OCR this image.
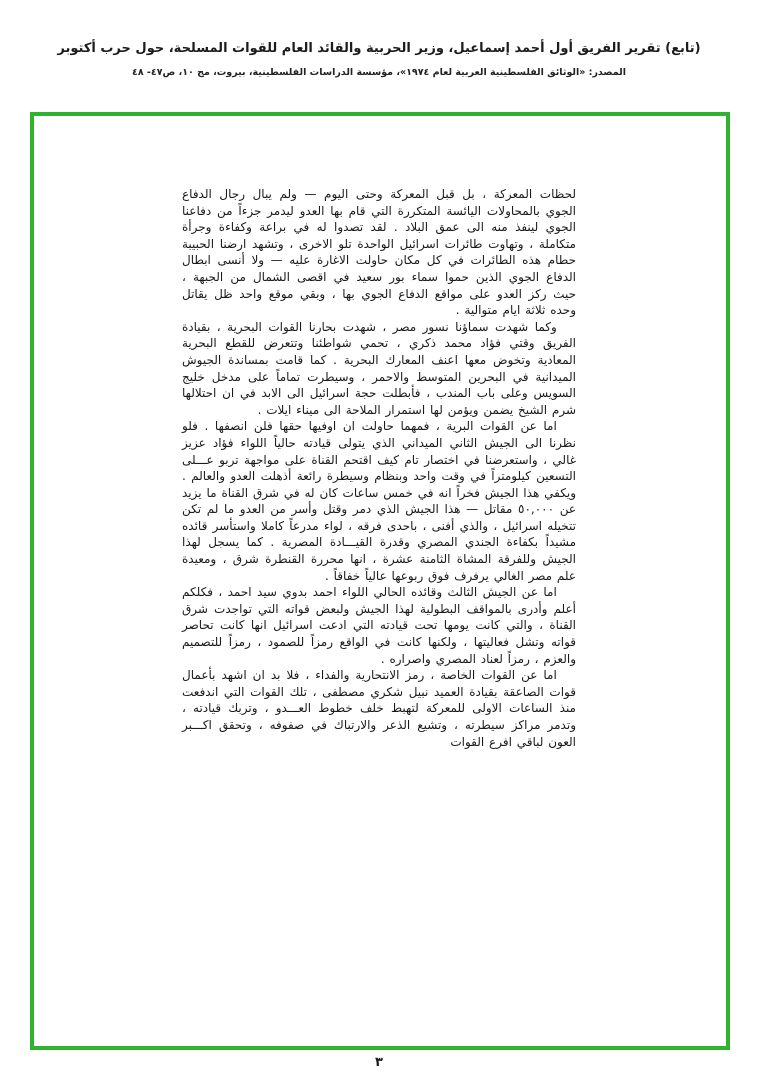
(تابع) تقرير الفريق أول أحمد إسماعيل، وزير الحربية والقائد العام للقوات المسلحة، حول حرب أكتوبر
المصدر: «الوثائق الفلسطينية العربية لعام ١٩٧٤»، مؤسسة الدراسات الفلسطينية، بيروت، مج ١٠، ص٤٧- ٤٨

لحظات المعركة ، بل قبل المعركة وحتى اليوم — ولم يبال رجال الدفاع الجوي بالمحاولات اليائسة المتكررة التي قام بها العدو ليدمر جزءاً من دفاعنا الجوي لينفذ منه الى عمق البلاد . لقد تصدوا له في براعة وكفاءة وجرأة متكاملة ، وتهاوت طائرات اسرائيل الواحدة تلو الاخرى ، وتشهد ارضنا الحبيبة حطام هذه الطائرات في كل مكان حاولت الاغارة عليه — ولا أنسى ابطال الدفاع الجوي الذين حموا سماء بور سعيد في اقصى الشمال من الجبهة ، حيث ركز العدو على مواقع الدفاع الجوي بها ، وبقي موقع واحد ظل يقاتل وحده ثلاثة ايام متوالية .

وكما شهدت سماؤنا نسور مصر ، شهدت بحارنا القوات البحرية ، بقيادة الفريق وقتي فؤاد محمد ذكري ، تحمي شواطئنا وتتعرض للقطع البحرية المعادية وتخوض معها اعنف المعارك البحرية . كما قامت بمساندة الجيوش الميدانية في البحرين المتوسط والاحمر ، وسيطرت تماماً على مدخل خليج السويس وعلى باب المندب ، فأبطلت حجة اسرائيل الى الابد في ان احتلالها شرم الشيخ يضمن ويؤمن لها استمرار الملاحة الى ميناء ايلات .

اما عن القوات البرية ، فمهما حاولت ان اوفيها حقها فلن انصفها . فلو نظرنا الى الجيش الثاني الميداني الذي يتولى قيادته حالياً اللواء فؤاد عزيز غالي ، واستعرضنا في اختصار تام كيف اقتحم القناة على مواجهة تربو عـــلى التسعين كيلومتراً في وقت واحد وبنظام وسيطرة رائعة أذهلت العدو والعالم . ويكفي هذا الجيش فخراً انه في خمس ساعات كان له في شرق القناة ما يزيد عن ٥٠,٠٠٠ مقاتل — هذا الجيش الذي دمر وقتل وأسر من العدو ما لم تكن تتخيله اسرائيل ، والذي أفنى ، باحدى فرقه ، لواء مدرعاً كاملا واستأسر قائده مشيداً بكفاءة الجندي المصري وقدرة القيـــادة المصرية . كما يسجل لهذا الجيش وللفرقة المشاة الثامنة عشرة ، انها محررة القنطرة شرق ، ومعيدة علم مصر الغالي يرفرف فوق ربوعها عالياً خفاقاً .

اما عن الجيش الثالث وقائده الحالي اللواء احمد بدوي سيد احمد ، فكلكم أعلم وأدرى بالمواقف البطولية لهذا الجيش ولبعض قواته التي تواجدت شرق القناة ، والتي كانت يومها تحت قيادته التي ادعت اسرائيل انها كانت تحاصر قواته وتشل فعاليتها ، ولكنها كانت في الواقع رمزاً للصمود ، رمزاً للتصميم والعزم ، رمزاً لعناد المصري واصراره .

اما عن القوات الخاصة ، رمز الانتحارية والفداء ، فلا بد ان اشهد بأعمال قوات الصاعقة بقيادة العميد نبيل شكري مصطفى ، تلك القوات التي اندفعت منذ الساعات الاولى للمعركة لتهبط خلف خطوط العـــدو ، وتربك قيادته ، وتدمر مراكز سيطرته ، وتشيع الذعر والارتباك في صفوفه ، وتحقق اكـــبر العون لباقي افرع القوات

٣
